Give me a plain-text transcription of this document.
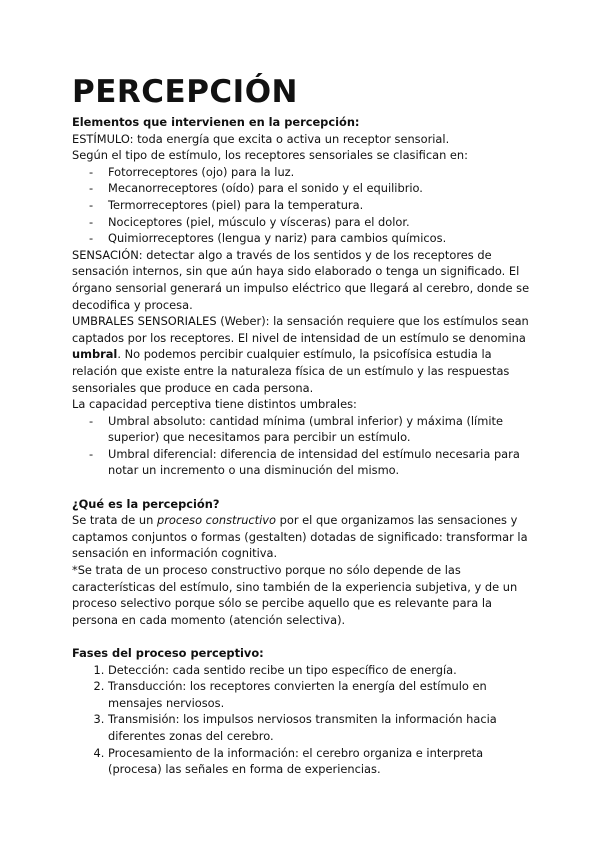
PERCEPCIÓN

Elementos que intervienen en la percepción:

ESTÍMULO: toda energía que excita o activa un receptor sensorial.

Según el tipo de estímulo, los receptores sensoriales se clasifican en:

- Fotorreceptores (ojo) para la luz.
- Mecanorreceptores (oído) para el sonido y el equilibrio.
- Termorreceptores (piel) para la temperatura.
- Nociceptores (piel, músculo y vísceras) para el dolor.
- Quimiorreceptores (lengua y nariz) para cambios químicos.

SENSACIÓN: detectar algo a través de los sentidos y de los receptores de sensación internos, sin que aún haya sido elaborado o tenga un significado. El órgano sensorial generará un impulso eléctrico que llegará al cerebro, donde se decodifica y procesa.

UMBRALES SENSORIALES (Weber): la sensación requiere que los estímulos sean captados por los receptores. El nivel de intensidad de un estímulo se denomina umbral. No podemos percibir cualquier estímulo, la psicofísica estudia la relación que existe entre la naturaleza física de un estímulo y las respuestas sensoriales que produce en cada persona.

La capacidad perceptiva tiene distintos umbrales:

- Umbral absoluto: cantidad mínima (umbral inferior) y máxima (límite superior) que necesitamos para percibir un estímulo.
- Umbral diferencial: diferencia de intensidad del estímulo necesaria para notar un incremento o una disminución del mismo.

¿Qué es la percepción?

Se trata de un proceso constructivo por el que organizamos las sensaciones y captamos conjuntos o formas (gestalten) dotadas de significado: transformar la sensación en información cognitiva.

*Se trata de un proceso constructivo porque no sólo depende de las características del estímulo, sino también de la experiencia subjetiva, y de un proceso selectivo porque sólo se percibe aquello que es relevante para la persona en cada momento (atención selectiva).

Fases del proceso perceptivo:

1. Detección: cada sentido recibe un tipo específico de energía.
2. Transducción: los receptores convierten la energía del estímulo en mensajes nerviosos.
3. Transmisión: los impulsos nerviosos transmiten la información hacia diferentes zonas del cerebro.
4. Procesamiento de la información: el cerebro organiza e interpreta (procesa) las señales en forma de experiencias.
